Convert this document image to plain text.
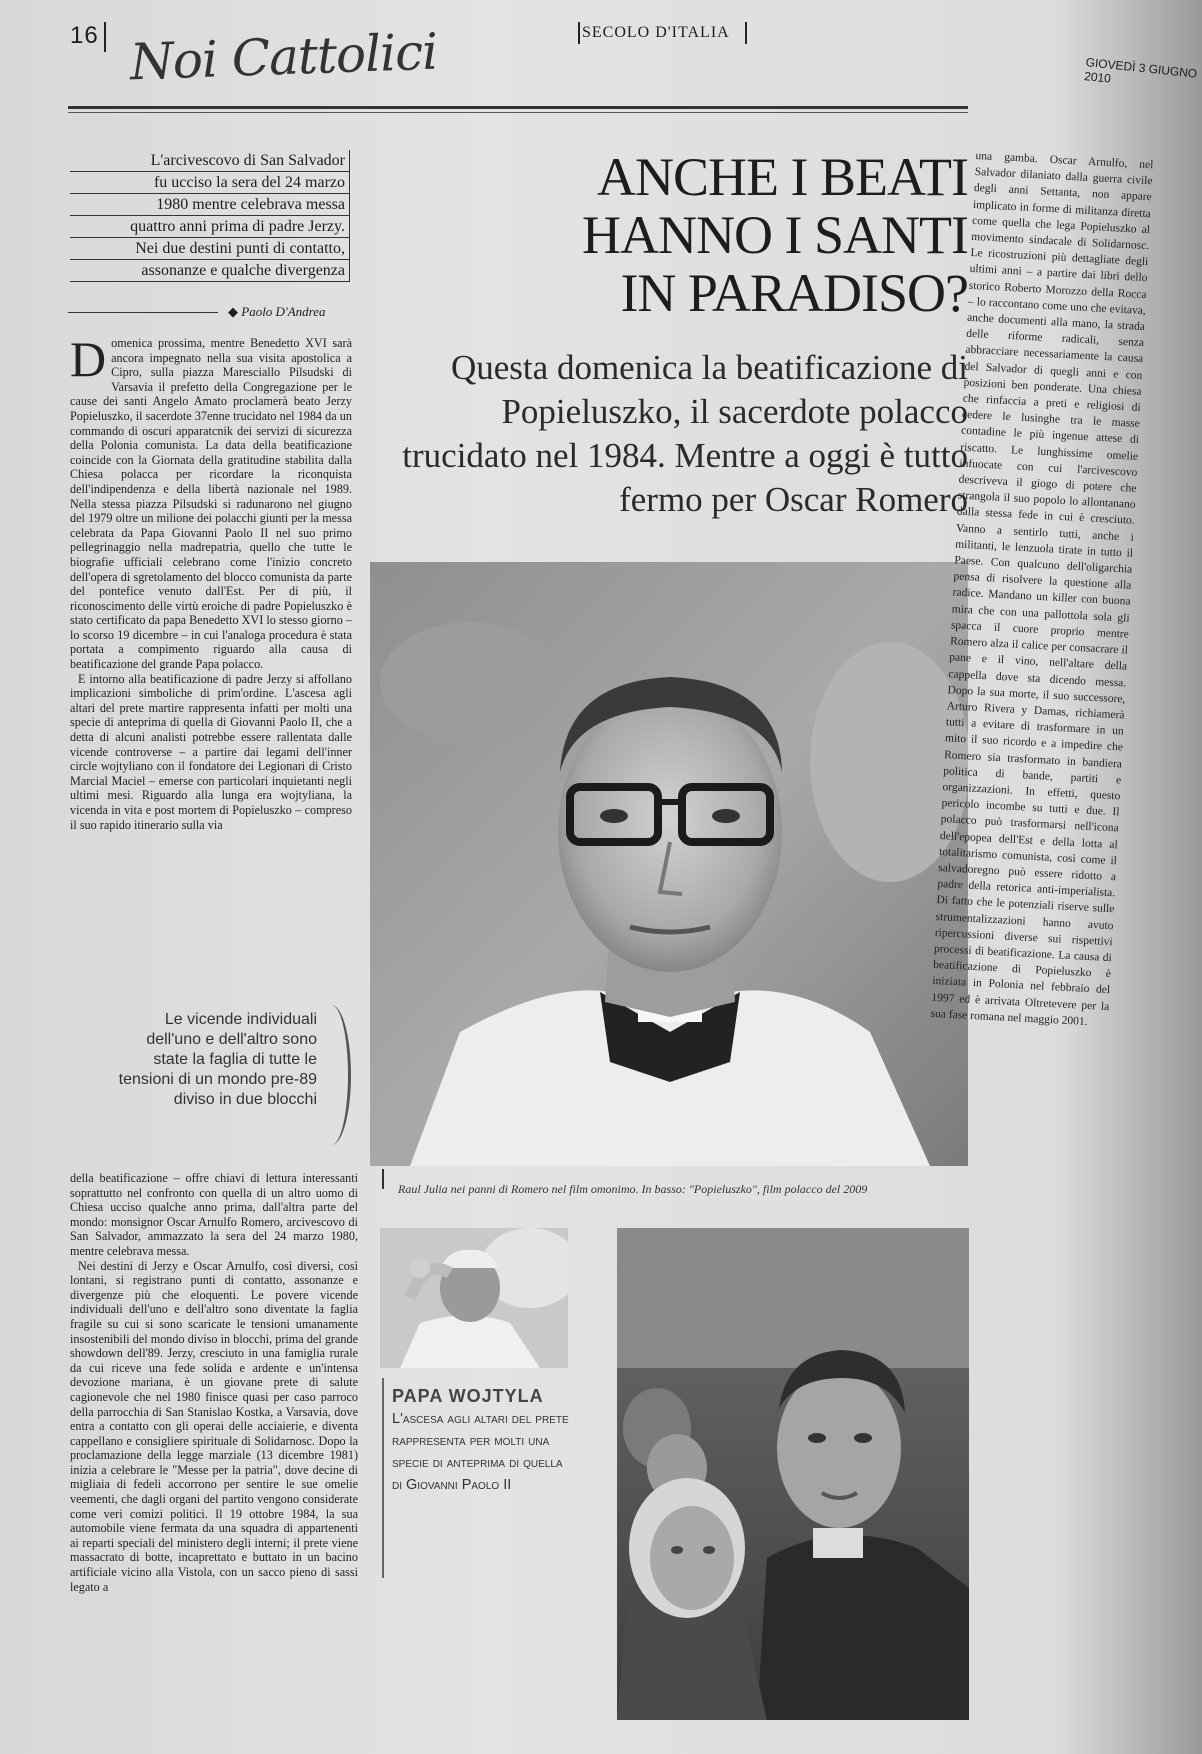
16 Noi Cattolici	SECOLO D'ITALIA
GIOVEDÌ 3 GIUGNO 2010
L'arcivescovo di San Salvador
fu ucciso la sera del 24 marzo
1980 mentre celebrava messa
quattro anni prima di padre Jerzy.
Nei due destini punti di contatto,
assonanze e qualche divergenza
◆ Paolo D'Andrea
ANCHE I BEATI
HANNO I SANTI
IN PARADISO?
Questa domenica la beatificazione di Popieluszko, il sacerdote polacco trucidato nel 1984. Mentre a oggi è tutto fermo per Oscar Romero

Domenica prossima, mentre Benedetto XVI sarà ancora impegnato nella sua visita apostolica a Cipro, sulla piazza Maresciallo Pilsudski di Varsavia il prefetto della Congregazione per le cause dei santi Angelo Amato proclamerà beato Jerzy Popieluszko, il sacerdote 37enne trucidato nel 1984 da un commando di oscuri apparatcnik dei servizi di sicurezza della Polonia comunista. La data della beatificazione coincide con la Giornata della gratitudine stabilita dalla Chiesa polacca per ricordare la riconquista dell'indipendenza e della libertà nazionale nel 1989. Nella stessa piazza Pilsudski si radunarono nel giugno del 1979 oltre un milione dei polacchi giunti per la messa celebrata da Papa Giovanni Paolo II nel suo primo pellegrinaggio nella madrepatria, quello che tutte le biografie ufficiali celebrano come l'inizio concreto dell'opera di sgretolamento del blocco comunista da parte del pontefice venuto dall'Est. Per di più, il riconoscimento delle virtù eroiche di padre Popieluszko è stato certificato da papa Benedetto XVI lo stesso giorno – lo scorso 19 dicembre – in cui l'analoga procedura è stata portata a compimento riguardo alla causa di beatificazione del grande Papa polacco.

E intorno alla beatificazione di padre Jerzy si affollano implicazioni simboliche di prim'ordine. L'ascesa agli altari del prete martire rappresenta infatti per molti una specie di anteprima di quella di Giovanni Paolo II, che a detta di alcuni analisti potrebbe essere rallentata dalle vicende controverse – a partire dai legami dell'inner circle wojtyliano con il fondatore dei Legionari di Cristo Marcial Maciel – emerse con particolari inquietanti negli ultimi mesi. Riguardo alla lunga era wojtyliana, la vicenda in vita e post mortem di Popieluszko – compreso il suo rapido itinerario sulla via

Le vicende individuali dell'uno e dell'altro sono state la faglia di tutte le tensioni di un mondo pre-89 diviso in due blocchi

della beatificazione – offre chiavi di lettura interessanti soprattutto nel confronto con quella di un altro uomo di Chiesa ucciso qualche anno prima, dall'altra parte del mondo: monsignor Oscar Arnulfo Romero, arcivescovo di San Salvador, ammazzato la sera del 24 marzo 1980, mentre celebrava messa.

Nei destini di Jerzy e Oscar Arnulfo, così diversi, così lontani, si registrano punti di contatto, assonanze e divergenze più che eloquenti. Le povere vicende individuali dell'uno e dell'altro sono diventate la faglia fragile su cui si sono scaricate le tensioni umanamente insostenibili del mondo diviso in blocchi, prima del grande showdown dell'89. Jerzy, cresciuto in una famiglia rurale da cui riceve una fede solida e ardente e un'intensa devozione mariana, è un giovane prete di salute cagionevole che nel 1980 finisce quasi per caso parroco della parrocchia di San Stanislao Kostka, a Varsavia, dove entra a contatto con gli operai delle acciaierie, e diventa cappellano e consigliere spirituale di Solidarnosc. Dopo la proclamazione della legge marziale (13 dicembre 1981) inizia a celebrare le "Messe per la patria", dove decine di migliaia di fedeli accorrono per sentire le sue omelie veementi, che dagli organi del partito vengono considerate come veri comizi politici. Il 19 ottobre 1984, la sua automobile viene fermata da una squadra di appartenenti ai reparti speciali del ministero degli interni; il prete viene massacrato di botte, incaprettato e buttato in un bacino artificiale vicino alla Vistola, con un sacco pieno di sassi legato a

Raul Julia nei panni di Romero nel film omonimo. In basso: "Popieluszko", film polacco del 2009
PAPA WOJTYLA
L'ascesa agli altari del prete rappresenta per molti una specie di anteprima di quella di Giovanni Paolo II
una gamba. Oscar Arnulfo, nel Salvador dilaniato dalla guerra civile degli anni Settanta, non appare implicato in forme di militanza diretta come quella che lega Popieluszko al movimento sindacale di Solidarnosc. Le ricostruzioni più dettagliate degli ultimi anni – a partire dai libri dello storico Roberto Morozzo della Rocca – lo raccontano come uno che evitava, anche documenti alla mano, la strada delle riforme radicali, senza abbracciare necessariamente la causa del Salvador di quegli anni e con posizioni ben ponderate. Una chiesa che rinfaccia a preti e religiosi di cedere le lusinghe tra le masse contadine le più ingenue attese di riscatto. Le lunghissime omelie infuocate con cui l'arcivescovo descriveva il giogo di potere che strangola il suo popolo lo allontanano dalla stessa fede in cui è cresciuto. Vanno a sentirlo tutti, anche i militanti, le lenzuola tirate in tutto il Paese. Con qualcuno dell'oligarchia pensa di risolvere la questione alla radice. Mandano un killer con buona mira che con una pallottola sola gli spacca il cuore proprio mentre Romero alza il calice per consacrare il pane e il vino, nell'altare della cappella dove sta dicendo messa. Dopo la sua morte, il suo successore, Arturo Rivera y Damas, richiamerà tutti a evitare di trasformare in un mito il suo ricordo e a impedire che Romero sia trasformato in bandiera politica di bande, partiti e organizzazioni. In effetti, questo pericolo incombe su tutti e due. Il polacco può trasformarsi nell'icona dell'epopea dell'Est e della lotta al totalitarismo comunista, così come il salvadoregno può essere ridotto a padre della retorica anti-imperialista. Di fatto che le potenziali riserve sulle strumentalizzazioni hanno avuto ripercussioni diverse sui rispettivi processi di beatificazione. La causa di beatificazione di Popieluszko è iniziata in Polonia nel febbraio del 1997 ed è arrivata Oltretevere per la sua fase romana nel maggio 2001.
